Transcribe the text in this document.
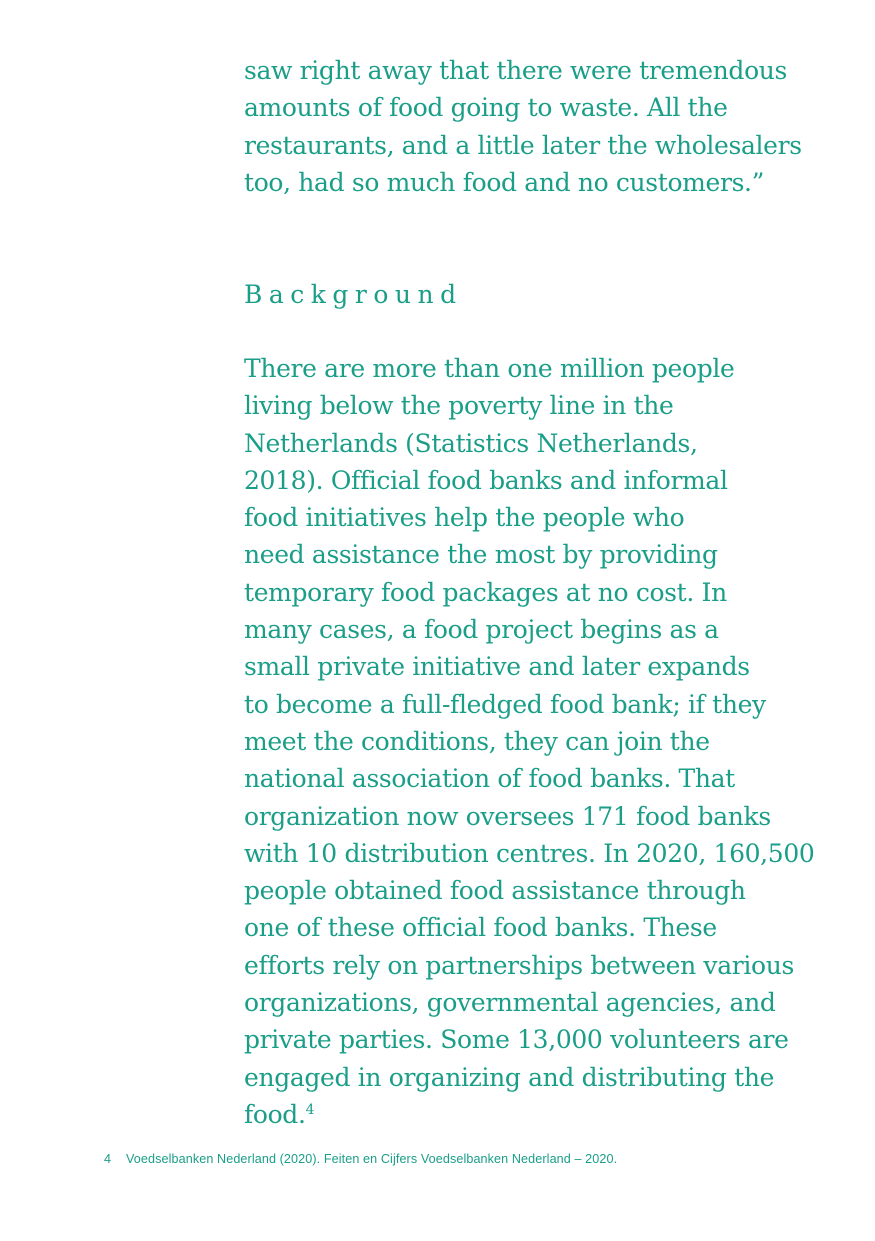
saw right away that there were tremendous
amounts of food going to waste. All the
restaurants, and a little later the wholesalers
too, had so much food and no customers.”
Background
There are more than one million people
living below the poverty line in the
Netherlands (Statistics Netherlands,
2018). Official food banks and informal
food initiatives help the people who
need assistance the most by providing
temporary food packages at no cost. In
many cases, a food project begins as a
small private initiative and later expands
to become a full-fledged food bank; if they
meet the conditions, they can join the
national association of food banks. That
organization now oversees 171 food banks
with 10 distribution centres. In 2020, 160,500
people obtained food assistance through
one of these official food banks. These
efforts rely on partnerships between various
organizations, governmental agencies, and
private parties. Some 13,000 volunteers are
engaged in organizing and distributing the
food.$^4$
4 Voedselbanken Nederland (2020). Feiten en Cijfers Voedselbanken Nederland – 2020.
